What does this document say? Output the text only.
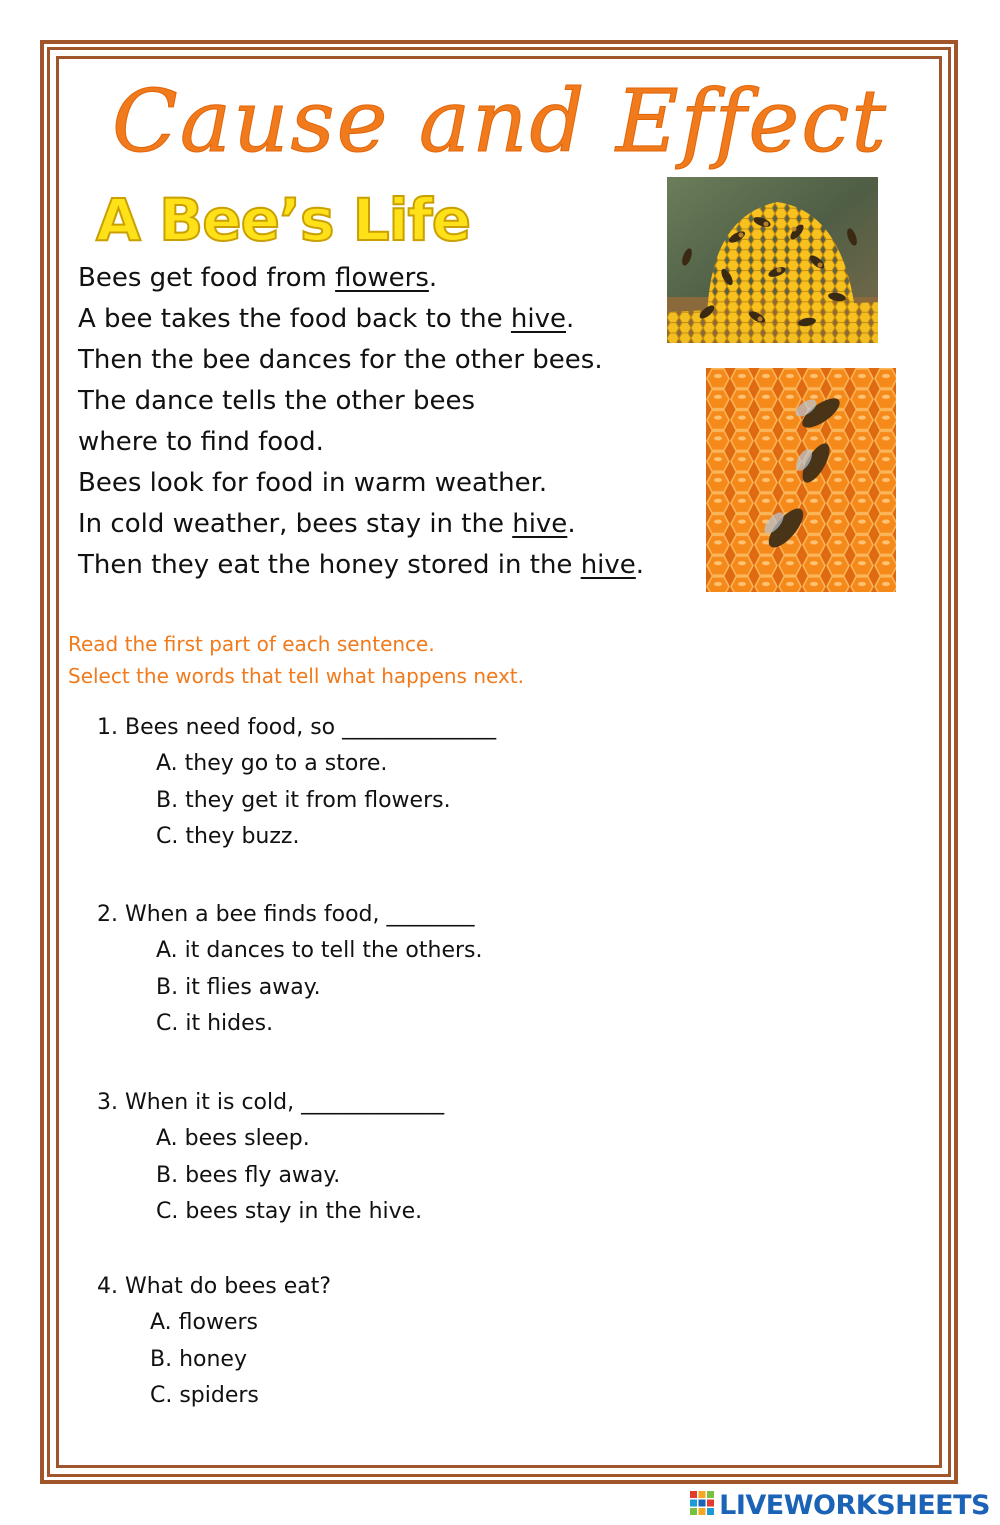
Cause and Effect
A Bee’s Life
Bees get food from flowers.
A bee takes the food back to the hive.
Then the bee dances for the other bees.
The dance tells the other bees
where to find food.
Bees look for food in warm weather.
In cold weather, bees stay in the hive.
Then they eat the honey stored in the hive.
Read the first part of each sentence.
Select the words that tell what happens next.
1. Bees need food, so ______________
A. they go to a store.
B. they get it from flowers.
C. they buzz.
2. When a bee finds food, ________
A. it dances to tell the others.
B. it flies away.
C. it hides.
3. When it is cold, _____________
A. bees sleep.
B. bees fly away.
C. bees stay in the hive.
4. What do bees eat?
A. flowers
B. honey
C. spiders
LIVEWORKSHEETS
